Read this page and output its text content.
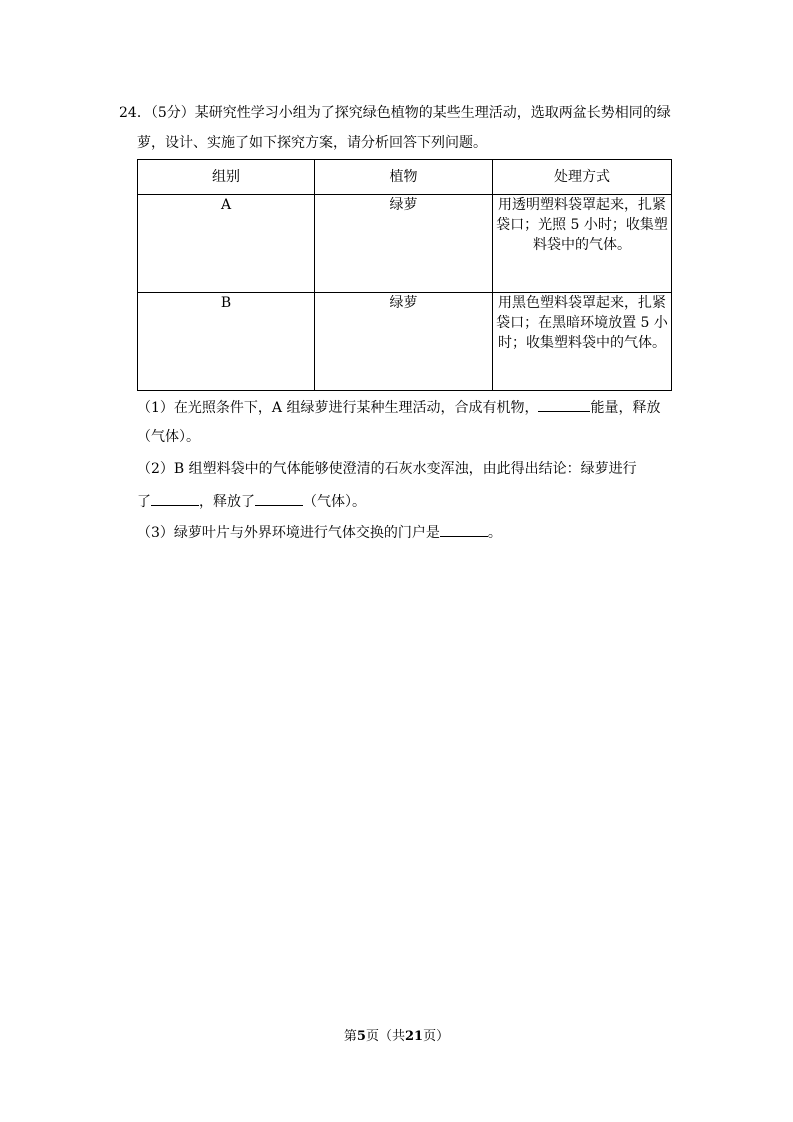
24．（5分）某研究性学习小组为了探究绿色植物的某些生理活动，选取两盆长势相同的绿
萝，设计、实施了如下探究方案，请分析回答下列问题。
组别	植物	处理方式
A	绿萝	用透明塑料袋罩起来，扎紧
袋口；光照 5 小时；收集塑

料袋中的气体。

B	绿萝	用黑色塑料袋罩起来，扎紧
袋口；在黑暗环境放置 5 小
时；收集塑料袋中的气体。
（1）在光照条件下，A 组绿萝进行某种生理活动，合成有机物，	能量，释放
（气体）。
（2）B 组塑料袋中的气体能够使澄清的石灰水变浑浊，由此得出结论：绿萝进行
了	，释放了	（气体）。
（3）绿萝叶片与外界环境进行气体交换的门户是	。
第5页（共21页）
